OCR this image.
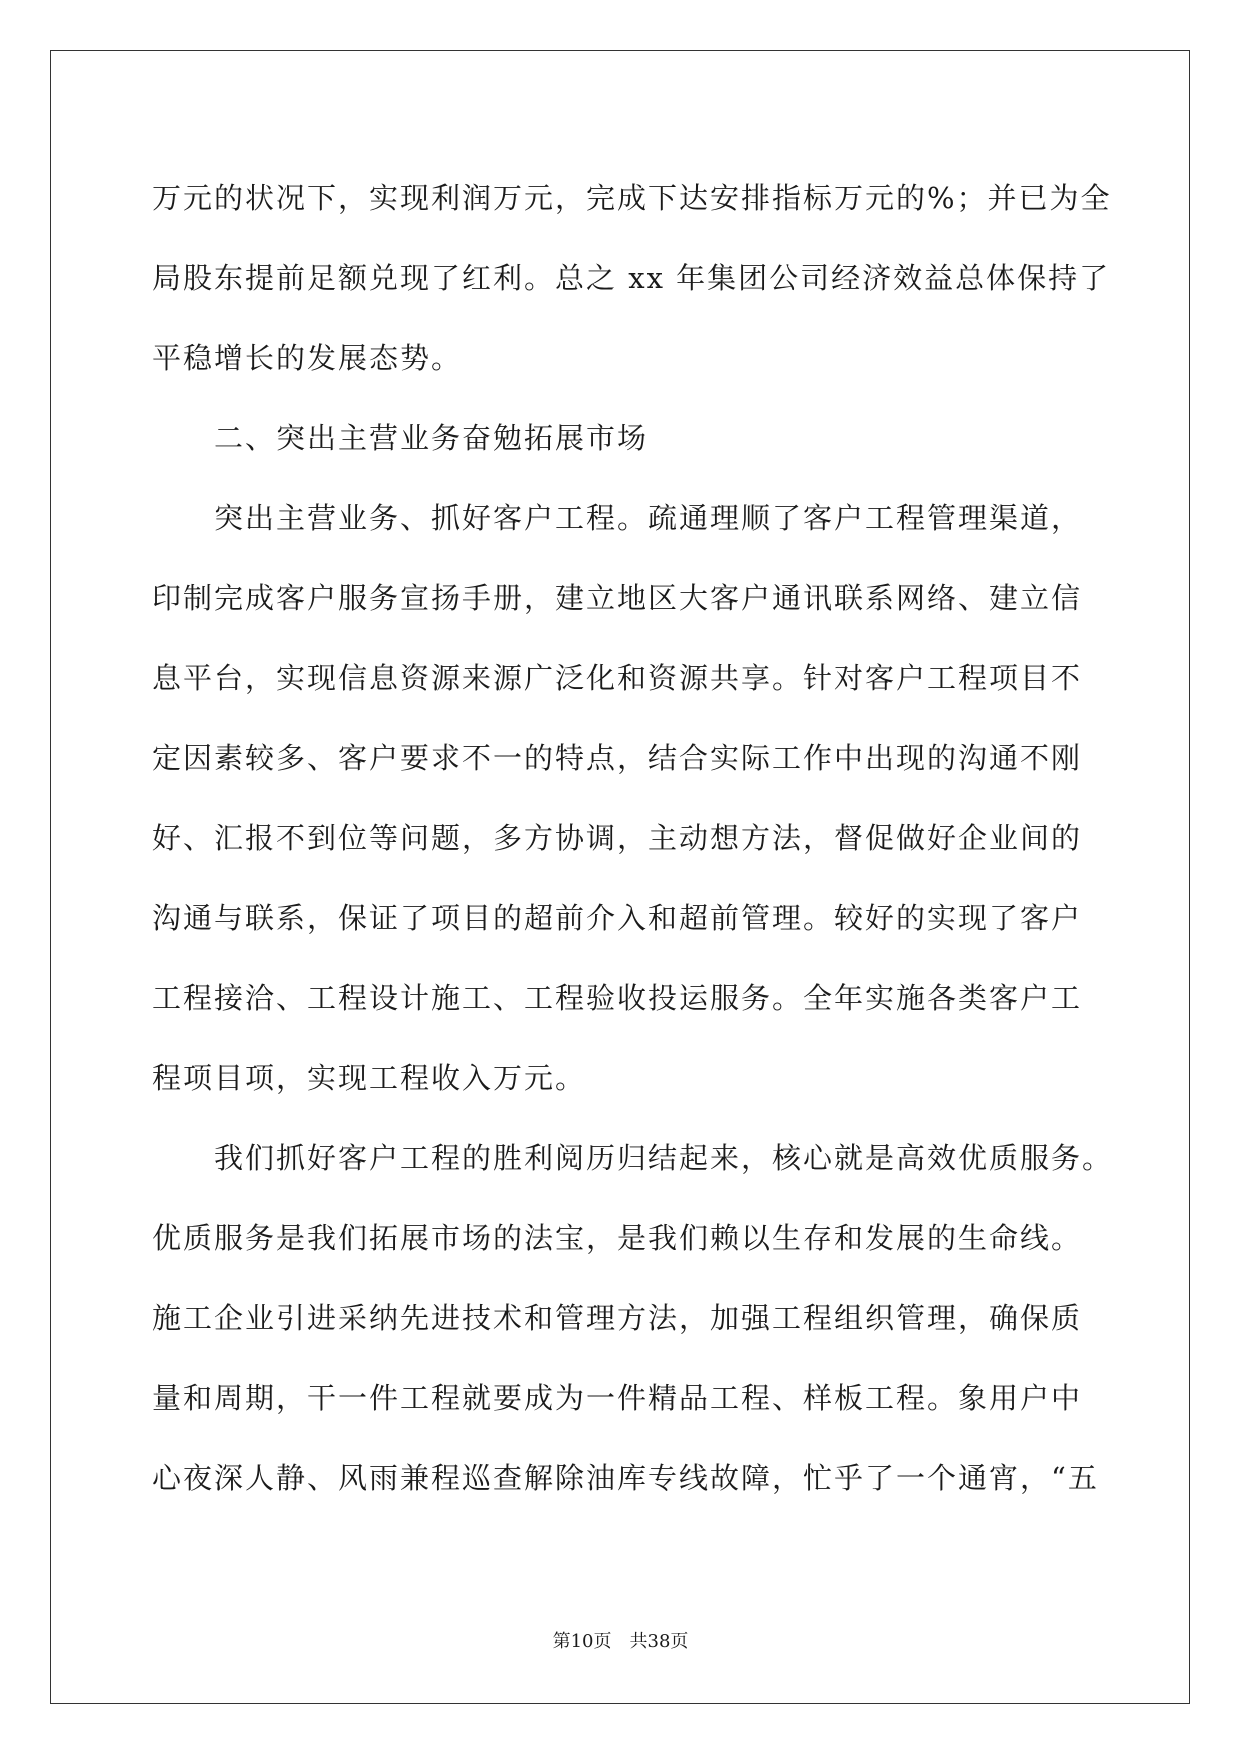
万元的状况下，实现利润万元，完成下达安排指标万元的%；并已为全
局股东提前足额兑现了红利。总之 xx 年集团公司经济效益总体保持了
平稳增长的发展态势。
二、突出主营业务奋勉拓展市场
突出主营业务、抓好客户工程。疏通理顺了客户工程管理渠道，
印制完成客户服务宣扬手册，建立地区大客户通讯联系网络、建立信
息平台，实现信息资源来源广泛化和资源共享。针对客户工程项目不
定因素较多、客户要求不一的特点，结合实际工作中出现的沟通不刚
好、汇报不到位等问题，多方协调，主动想方法，督促做好企业间的
沟通与联系，保证了项目的超前介入和超前管理。较好的实现了客户
工程接洽、工程设计施工、工程验收投运服务。全年实施各类客户工
程项目项，实现工程收入万元。
我们抓好客户工程的胜利阅历归结起来，核心就是高效优质服务。
优质服务是我们拓展市场的法宝，是我们赖以生存和发展的生命线。
施工企业引进采纳先进技术和管理方法，加强工程组织管理，确保质
量和周期，干一件工程就要成为一件精品工程、样板工程。象用户中
心夜深人静、风雨兼程巡查解除油库专线故障，忙乎了一个通宵，“五
第10页 共38页
